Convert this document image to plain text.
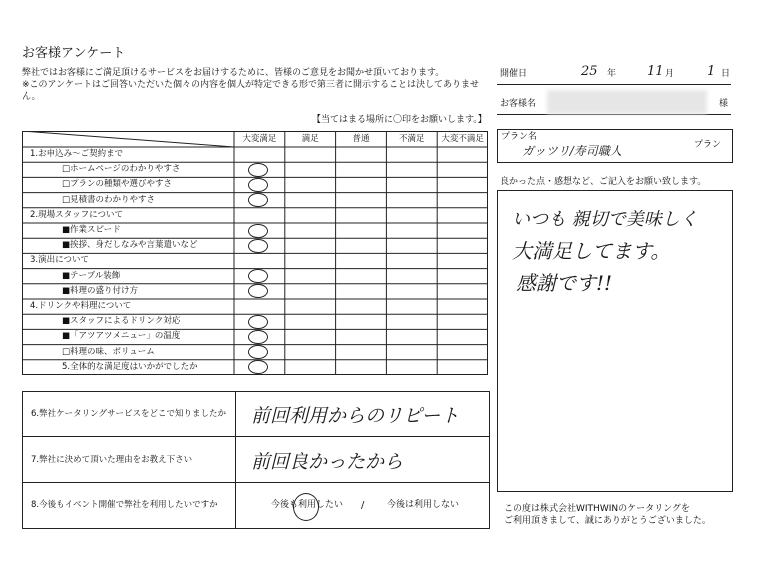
お客様アンケート
弊社ではお客様にご満足頂けるサービスをお届けするために、皆様のご意見をお聞かせ頂いております。
※このアンケートはご回答いただいた個々の内容を個人が特定できる形で第三者に開示することは決してありませ
ん。
【当てはまる場所に〇印をお願いします。】
開催日	25 年 11 月	1 日
お客様名	様
プラン名
ガッツリ/寿司職人	プラン
良かった点・感想など、ご記入をお願い致します。
いつも 親切で美味しく
大満足してます。
感謝です!!
この度は株式会社WITHWINのケータリングを
ご利用頂きまして、誠にありがとうございました。
大変満足	満足	普通	不満足	大変不満足
1.お申込み～ご契約まで
□ホームページのわかりやすさ
□プランの種類や選びやすさ
□見積書のわかりやすさ
2.現場スタッフについて
■作業スピード
■挨拶、身だしなみや言葉遣いなど
3.演出について
■テーブル装飾
■料理の盛り付け方
4.ドリンクや料理について
■スタッフによるドリンク対応
■「アツアツメニュー」の温度
□料理の味、ボリューム
5.全体的な満足度はいかがでしたか
6.弊社ケータリングサービスをどこで知りましたか 前回利用からのリピート
7.弊社に決めて頂いた理由をお教え下さい	前回良かったから
8.今後もイベント開催で弊社を利用したいですか	今後も利用したい /	今後は利用しない
